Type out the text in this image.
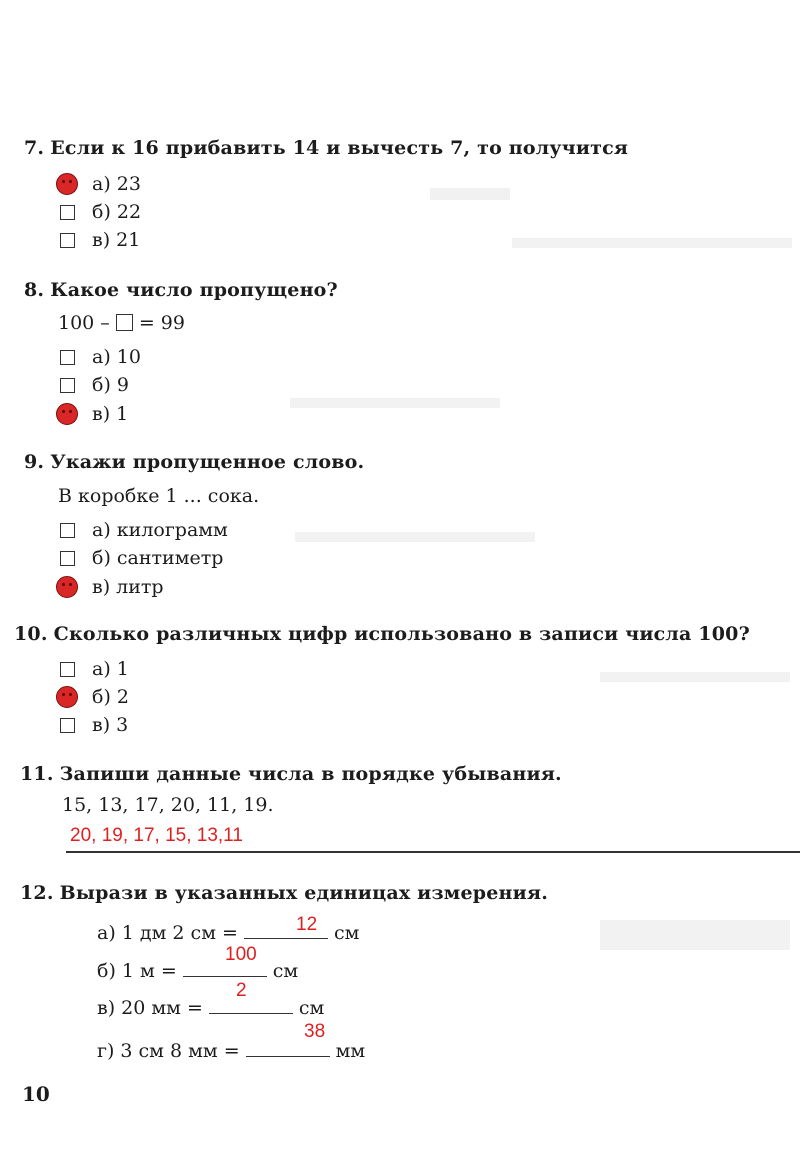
7. Если к 16 прибавить 14 и вычесть 7, то получится
а) 23
б) 22
в) 21
8. Какое число пропущено?
100 – = 99
а) 10
б) 9
в) 1
9. Укажи пропущенное слово.
В коробке 1 ... сока.
а) килограмм
б) сантиметр
в) литр
10. Сколько различных цифр использовано в записи числа 100?
а) 1
б) 2
в) 3
11. Запиши данные числа в порядке убывания.
15, 13, 17, 20, 11, 19.
20, 19, 17, 15, 13,11
12. Вырази в указанных единицах измерения.
а) 1 дм 2 см =	см
12
б) 1 м =	см
100
в) 20 мм =	см
2
г) 3 см 8 мм =	мм
38
10
